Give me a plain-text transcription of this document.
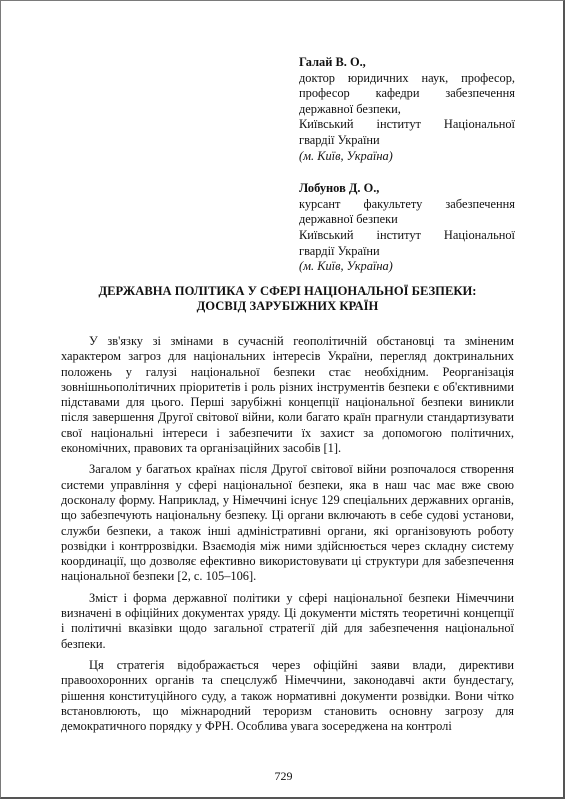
Галай В. О.,
доктор юридичних наук, професор,
професор кафедри забезпечення
державної безпеки,
Київський інститут Національної
гвардії України
(м. Київ, Україна)
Лобунов Д. О.,
курсант факультету забезпечення
державної безпеки
Київський інститут Національної
гвардії України
(м. Київ, Україна)
ДЕРЖАВНА ПОЛІТИКА У СФЕРІ НАЦІОНАЛЬНОЇ БЕЗПЕКИ:
ДОСВІД ЗАРУБІЖНИХ КРАЇН

У зв'язку зі змінами в сучасній геополітичній обстановці та зміненим характером загроз для національних інтересів України, перегляд доктринальних положень у галузі національної безпеки стає необхідним. Реорганізація зовнішньополітичних пріоритетів і роль різних інструментів безпеки є об'єктивними підставами для цього. Перші зарубіжні концепції національної безпеки виникли після завершення Другої світової війни, коли багато країн прагнули стандартизувати свої національні інтереси і забезпечити їх захист за допомогою політичних, економічних, правових та організаційних засобів [1].

Загалом у багатьох країнах після Другої світової війни розпочалося створення системи управління у сфері національної безпеки, яка в наш час має вже свою досконалу форму. Наприклад, у Німеччині існує 129 спеціальних державних органів, що забезпечують національну безпеку. Ці органи включають в себе судові установи, служби безпеки, а також інші адміністративні органи, які організовують роботу розвідки і контррозвідки. Взаємодія між ними здійснюється через складну систему координації, що дозволяє ефективно використовувати ці структури для забезпечення національної безпеки [2, с. 105–106].

Зміст і форма державної політики у сфері національної безпеки Німеччини визначені в офіційних документах уряду. Ці документи містять теоретичні концепції і політичні вказівки щодо загальної стратегії дій для забезпечення національної безпеки.

Ця стратегія відображається через офіційні заяви влади, директиви правоохоронних органів та спецслужб Німеччини, законодавчі акти бундестагу, рішення конституційного суду, а також нормативні документи розвідки. Вони чітко встановлюють, що міжнародний тероризм становить основну загрозу для демократичного порядку у ФРН. Особлива увага зосереджена на контролі

729
